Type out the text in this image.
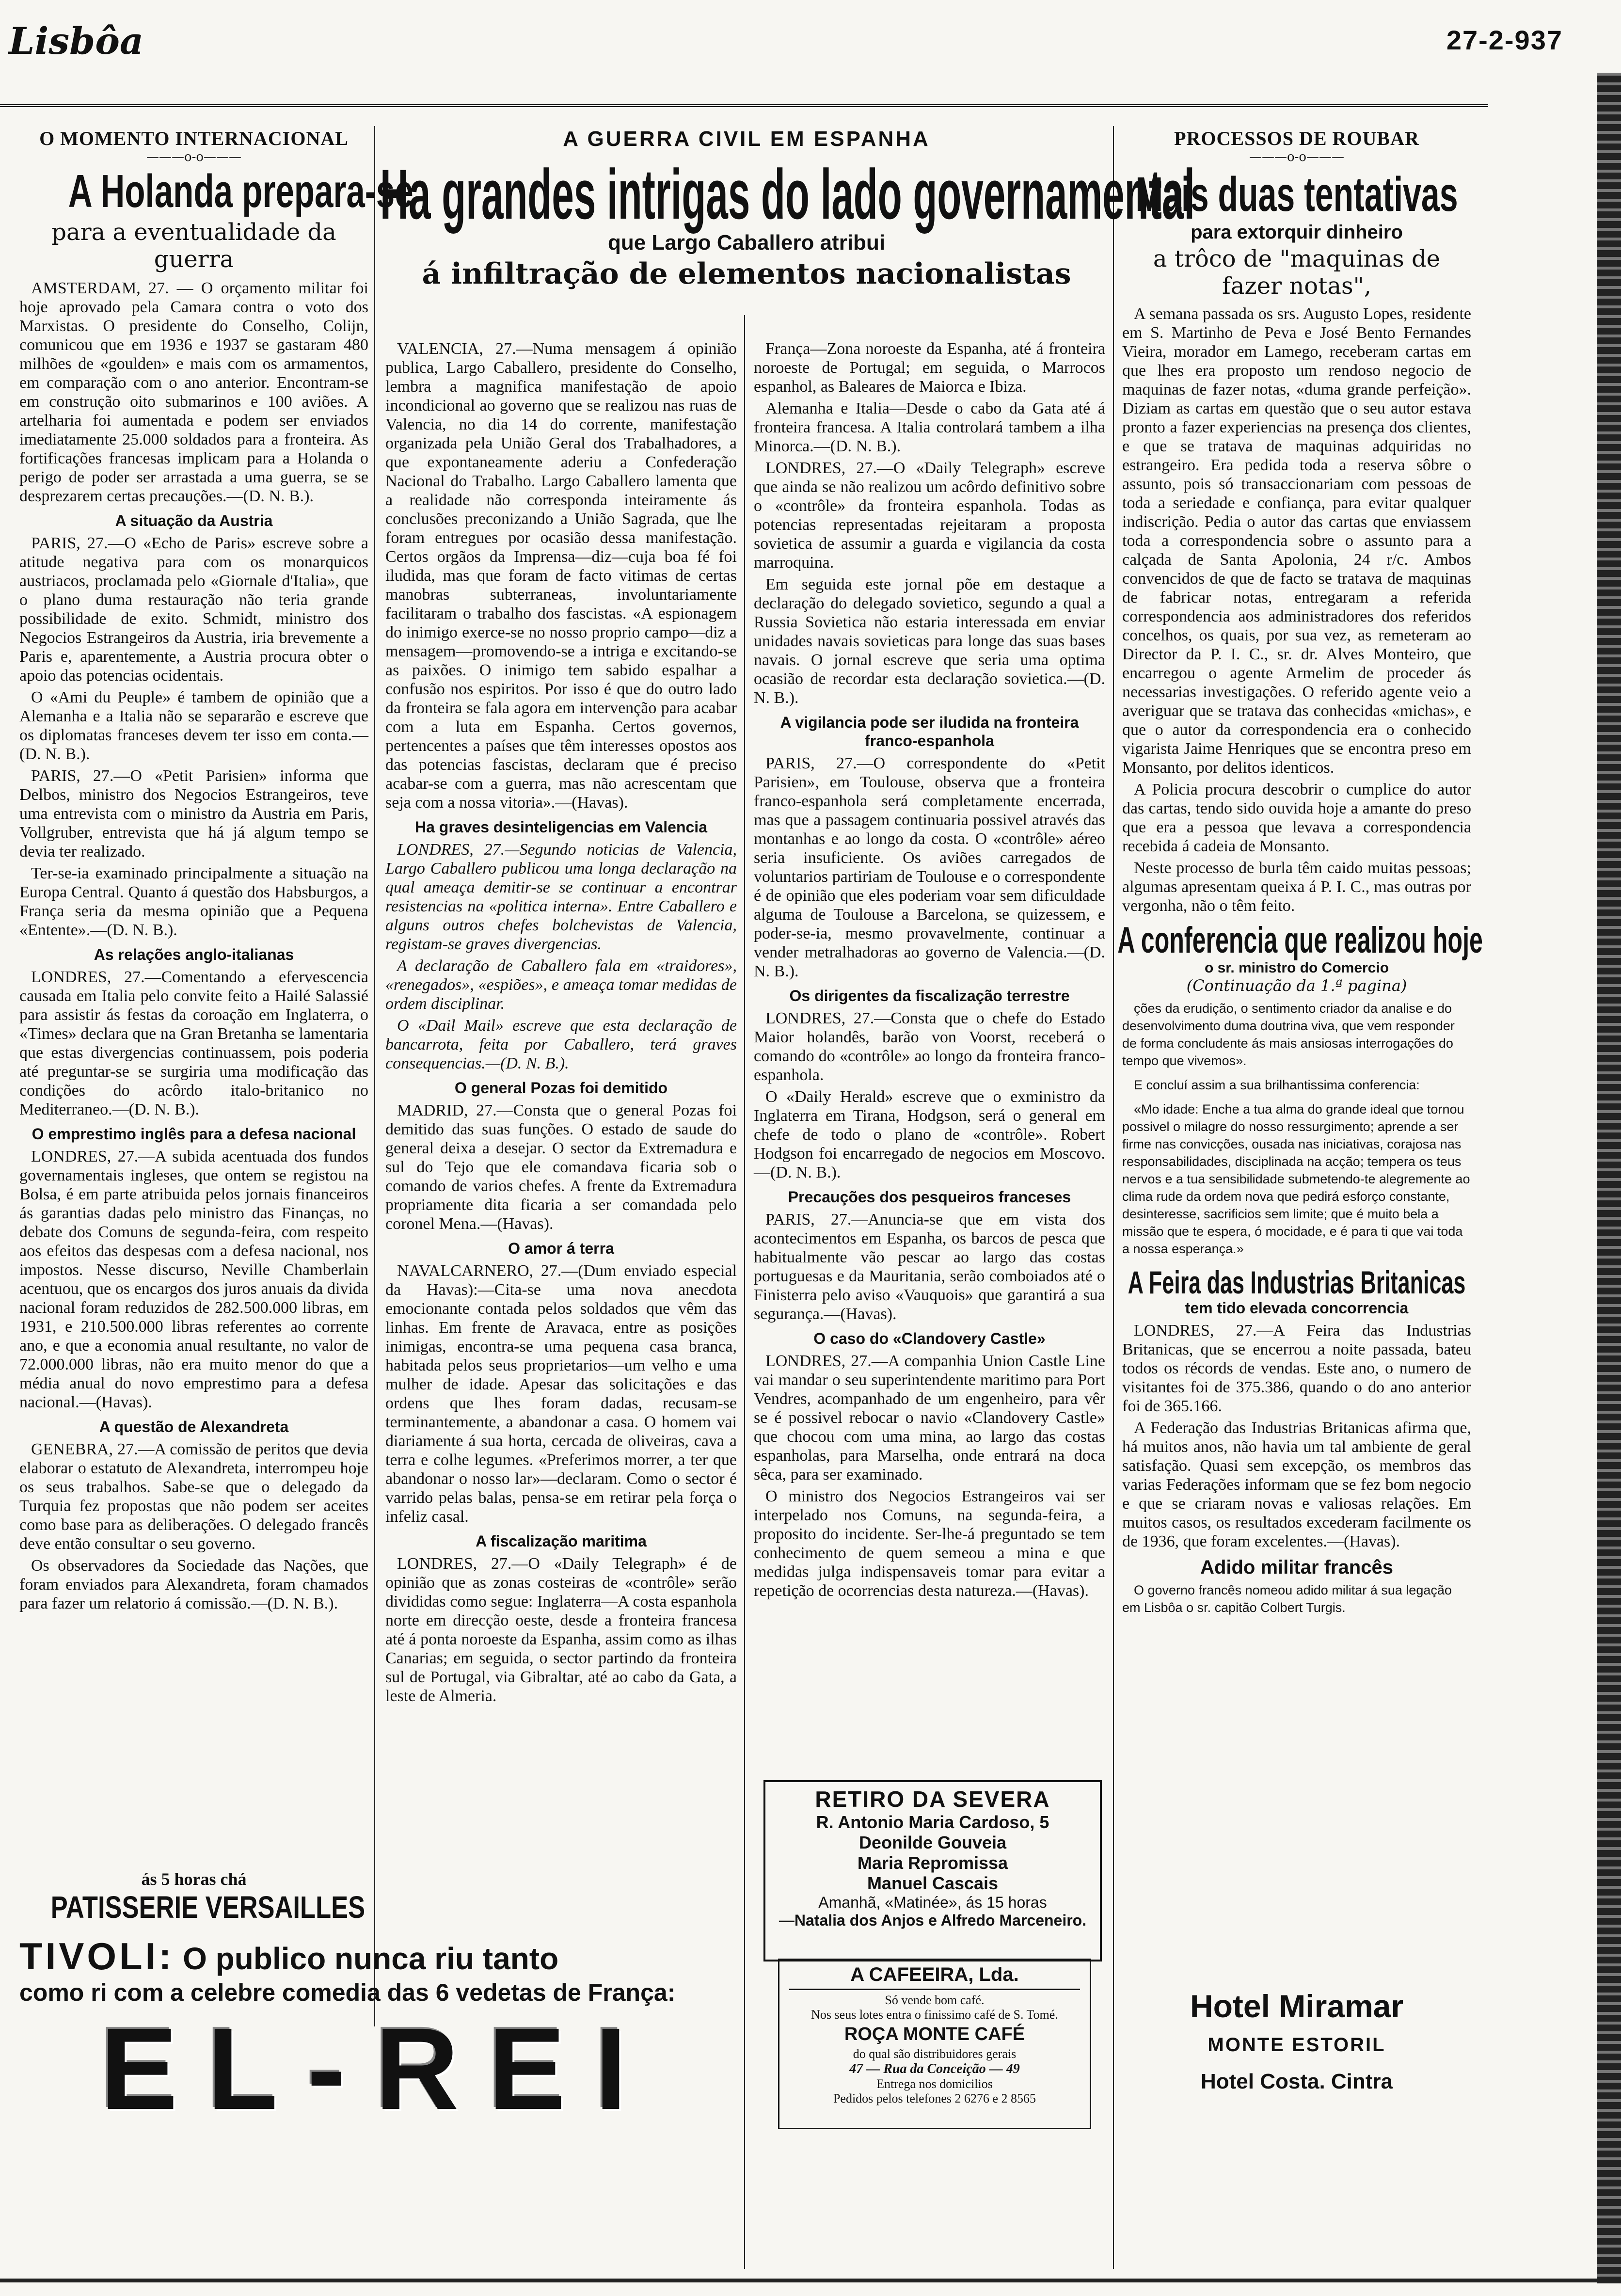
Lisbôa	27-2-937
O MOMENTO INTERNACIONAL
———o-o———
A Holanda prepara-se
para a eventualidade da guerra

AMSTERDAM, 27. — O orçamento militar foi hoje aprovado pela Camara contra o voto dos Marxistas. O presidente do Conselho, Colijn, comunicou que em 1936 e 1937 se gastaram 480 milhões de «goulden» e mais com os armamentos, em comparação com o ano anterior. Encontram-se em construção oito submarinos e 100 aviões. A artelharia foi aumentada e podem ser enviados imediatamente 25.000 soldados para a fronteira. As fortificações francesas implicam para a Holanda o perigo de poder ser arrastada a uma guerra, se se desprezarem certas precauções.—(D. N. B.).

A situação da Austria

PARIS, 27.—O «Echo de Paris» escreve sobre a atitude negativa para com os monarquicos austriacos, proclamada pelo «Giornale d'Italia», que o plano duma restauração não teria grande possibilidade de exito. Schmidt, ministro dos Negocios Estrangeiros da Austria, iria brevemente a Paris e, aparentemente, a Austria procura obter o apoio das potencias ocidentais.

O «Ami du Peuple» é tambem de opinião que a Alemanha e a Italia não se separarão e escreve que os diplomatas franceses devem ter isso em conta.—(D. N. B.).

PARIS, 27.—O «Petit Parisien» informa que Delbos, ministro dos Negocios Estrangeiros, teve uma entrevista com o ministro da Austria em Paris, Vollgruber, entrevista que há já algum tempo se devia ter realizado.

Ter-se-ia examinado principalmente a situação na Europa Central. Quanto á questão dos Habsburgos, a França seria da mesma opinião que a Pequena «Entente».—(D. N. B.).

As relações anglo-italianas

LONDRES, 27.—Comentando a efervescencia causada em Italia pelo convite feito a Hailé Salassié para assistir ás festas da coroação em Inglaterra, o «Times» declara que na Gran Bretanha se lamentaria que estas divergencias continuassem, pois poderia até preguntar-se se surgiria uma modificação das condições do acôrdo italo-britanico no Mediterraneo.—(D. N. B.).

O emprestimo inglês para a defesa nacional

LONDRES, 27.—A subida acentuada dos fundos governamentais ingleses, que ontem se registou na Bolsa, é em parte atribuida pelos jornais financeiros ás garantias dadas pelo ministro das Finanças, no debate dos Comuns de segunda-feira, com respeito aos efeitos das despesas com a defesa nacional, nos impostos. Nesse discurso, Neville Chamberlain acentuou, que os encargos dos juros anuais da divida nacional foram reduzidos de 282.500.000 libras, em 1931, e 210.500.000 libras referentes ao corrente ano, e que a economia anual resultante, no valor de 72.000.000 libras, não era muito menor do que a média anual do novo emprestimo para a defesa nacional.—(Havas).

A questão de Alexandreta

GENEBRA, 27.—A comissão de peritos que devia elaborar o estatuto de Alexandreta, interrompeu hoje os seus trabalhos. Sabe-se que o delegado da Turquia fez propostas que não podem ser aceites como base para as deliberações. O delegado francês deve então consultar o seu governo.

Os observadores da Sociedade das Nações, que foram enviados para Alexandreta, foram chamados para fazer um relatorio á comissão.—(D. N. B.).

ás 5 horas chá
PATISSERIE VERSAILLES
TIVOLI: O publico nunca riu tanto
como ri com a celebre comedia das 6 vedetas de França:
EL-REI
A GUERRA CIVIL EM ESPANHA
Ha grandes intrigas do lado governamental
que Largo Caballero atribui
á infiltração de elementos nacionalistas

VALENCIA, 27.—Numa mensagem á opinião publica, Largo Caballero, presidente do Conselho, lembra a magnifica manifestação de apoio incondicional ao governo que se realizou nas ruas de Valencia, no dia 14 do corrente, manifestação organizada pela União Geral dos Trabalhadores, a que expontaneamente aderiu a Confederação Nacional do Trabalho. Largo Caballero lamenta que a realidade não corresponda inteiramente ás conclusões preconizando a União Sagrada, que lhe foram entregues por ocasião dessa manifestação. Certos orgãos da Imprensa—diz—cuja boa fé foi iludida, mas que foram de facto vitimas de certas manobras subterraneas, involuntariamente facilitaram o trabalho dos fascistas. «A espionagem do inimigo exerce-se no nosso proprio campo—diz a mensagem—promovendo-se a intriga e excitando-se as paixões. O inimigo tem sabido espalhar a confusão nos espiritos. Por isso é que do outro lado da fronteira se fala agora em intervenção para acabar com a luta em Espanha. Certos governos, pertencentes a países que têm interesses opostos aos das potencias fascistas, declaram que é preciso acabar-se com a guerra, mas não acrescentam que seja com a nossa vitoria».—(Havas).

Ha graves desinteligencias em Valencia

LONDRES, 27.—Segundo noticias de Valencia, Largo Caballero publicou uma longa declaração na qual ameaça demitir-se se continuar a encontrar resistencias na «politica interna». Entre Caballero e alguns outros chefes bolchevistas de Valencia, registam-se graves divergencias.

A declaração de Caballero fala em «traidores», «renegados», «espiões», e ameaça tomar medidas de ordem disciplinar.

O «Dail Mail» escreve que esta declaração de bancarrota, feita por Caballero, terá graves consequencias.—(D. N. B.).

O general Pozas foi demitido

MADRID, 27.—Consta que o general Pozas foi demitido das suas funções. O estado de saude do general deixa a desejar. O sector da Extremadura e sul do Tejo que ele comandava ficaria sob o comando de varios chefes. A frente da Extremadura propriamente dita ficaria a ser comandada pelo coronel Mena.—(Havas).

O amor á terra

NAVALCARNERO, 27.—(Dum enviado especial da Havas):—Cita-se uma nova anecdota emocionante contada pelos soldados que vêm das linhas. Em frente de Aravaca, entre as posições inimigas, encontra-se uma pequena casa branca, habitada pelos seus proprietarios—um velho e uma mulher de idade. Apesar das solicitações e das ordens que lhes foram dadas, recusam-se terminantemente, a abandonar a casa. O homem vai diariamente á sua horta, cercada de oliveiras, cava a terra e colhe legumes. «Preferimos morrer, a ter que abandonar o nosso lar»—declaram. Como o sector é varrido pelas balas, pensa-se em retirar pela força o infeliz casal.

A fiscalização maritima

LONDRES, 27.—O «Daily Telegraph» é de opinião que as zonas costeiras de «contrôle» serão divididas como segue: Inglaterra—A costa espanhola norte em direcção oeste, desde a fronteira francesa até á ponta noroeste da Espanha, assim como as ilhas Canarias; em seguida, o sector partindo da fronteira sul de Portugal, via Gibraltar, até ao cabo da Gata, a leste de Almeria.

França—Zona noroeste da Espanha, até á fronteira noroeste de Portugal; em seguida, o Marrocos espanhol, as Baleares de Maiorca e Ibiza.

Alemanha e Italia—Desde o cabo da Gata até á fronteira francesa. A Italia controlará tambem a ilha Minorca.—(D. N. B.).

LONDRES, 27.—O «Daily Telegraph» escreve que ainda se não realizou um acôrdo definitivo sobre o «contrôle» da fronteira espanhola. Todas as potencias representadas rejeitaram a proposta sovietica de assumir a guarda e vigilancia da costa marroquina.

Em seguida este jornal põe em destaque a declaração do delegado sovietico, segundo a qual a Russia Sovietica não estaria interessada em enviar unidades navais sovieticas para longe das suas bases navais. O jornal escreve que seria uma optima ocasião de recordar esta declaração sovietica.—(D. N. B.).

A vigilancia pode ser iludida na fronteira franco-espanhola

PARIS, 27.—O correspondente do «Petit Parisien», em Toulouse, observa que a fronteira franco-espanhola será completamente encerrada, mas que a passagem continuaria possivel através das montanhas e ao longo da costa. O «contrôle» aéreo seria insuficiente. Os aviões carregados de voluntarios partiriam de Toulouse e o correspondente é de opinião que eles poderiam voar sem dificuldade alguma de Toulouse a Barcelona, se quizessem, e poder-se-ia, mesmo provavelmente, continuar a vender metralhadoras ao governo de Valencia.—(D. N. B.).

Os dirigentes da fiscalização terrestre

LONDRES, 27.—Consta que o chefe do Estado Maior holandês, barão von Voorst, receberá o comando do «contrôle» ao longo da fronteira franco-espanhola.

O «Daily Herald» escreve que o exministro da Inglaterra em Tirana, Hodgson, será o general em chefe de todo o plano de «contrôle». Robert Hodgson foi encarregado de negocios em Moscovo.—(D. N. B.).

Precauções dos pesqueiros franceses

PARIS, 27.—Anuncia-se que em vista dos acontecimentos em Espanha, os barcos de pesca que habitualmente vão pescar ao largo das costas portuguesas e da Mauritania, serão comboiados até o Finisterra pelo aviso «Vauquois» que garantirá a sua segurança.—(Havas).

O caso do «Clandovery Castle»

LONDRES, 27.—A companhia Union Castle Line vai mandar o seu superintendente maritimo para Port Vendres, acompanhado de um engenheiro, para vêr se é possivel rebocar o navio «Clandovery Castle» que chocou com uma mina, ao largo das costas espanholas, para Marselha, onde entrará na doca sêca, para ser examinado.

O ministro dos Negocios Estrangeiros vai ser interpelado nos Comuns, na segunda-feira, a proposito do incidente. Ser-lhe-á preguntado se tem conhecimento de quem semeou a mina e que medidas julga indispensaveis tomar para evitar a repetição de ocorrencias desta natureza.—(Havas).

RETIRO DA SEVERA
R. Antonio Maria Cardoso, 5
Deonilde Gouveia
Maria Repromissa
Manuel Cascais
Amanhã, «Matinée», ás 15 horas
—Natalia dos Anjos e Alfredo Marceneiro.
A CAFEEIRA, Lda.
Só vende bom café.
Nos seus lotes entra o finissimo café de S. Tomé.
ROÇA MONTE CAFÉ
do qual são distribuidores gerais
47 — Rua da Conceição — 49
Entrega nos domicilios
Pedidos pelos telefones 2 6276 e 2 8565
PROCESSOS DE ROUBAR
———o-o———
Mais duas tentativas
para extorquir dinheiro
a trôco de "maquinas de fazer notas",

A semana passada os srs. Augusto Lopes, residente em S. Martinho de Peva e José Bento Fernandes Vieira, morador em Lamego, receberam cartas em que lhes era proposto um rendoso negocio de maquinas de fazer notas, «duma grande perfeição». Diziam as cartas em questão que o seu autor estava pronto a fazer experiencias na presença dos clientes, e que se tratava de maquinas adquiridas no estrangeiro. Era pedida toda a reserva sôbre o assunto, pois só transaccionariam com pessoas de toda a seriedade e confiança, para evitar qualquer indiscrição. Pedia o autor das cartas que enviassem toda a correspondencia sobre o assunto para a calçada de Santa Apolonia, 24 r/c. Ambos convencidos de que de facto se tratava de maquinas de fabricar notas, entregaram a referida correspondencia aos administradores dos referidos concelhos, os quais, por sua vez, as remeteram ao Director da P. I. C., sr. dr. Alves Monteiro, que encarregou o agente Armelim de proceder ás necessarias investigações. O referido agente veio a averiguar que se tratava das conhecidas «michas», e que o autor da correspondencia era o conhecido vigarista Jaime Henriques que se encontra preso em Monsanto, por delitos identicos.

A Policia procura descobrir o cumplice do autor das cartas, tendo sido ouvida hoje a amante do preso que era a pessoa que levava a correspondencia recebida á cadeia de Monsanto.

Neste processo de burla têm caido muitas pessoas; algumas apresentam queixa á P. I. C., mas outras por vergonha, não o têm feito.

A conferencia que realizou hoje
o sr. ministro do Comercio
(Continuação da 1.ª pagina)

ções da erudição, o sentimento criador da analise e do desenvolvimento duma doutrina viva, que vem responder de forma concludente ás mais ansiosas interrogações do tempo que vivemos».

E concluí assim a sua brilhantissima conferencia:

«Mo idade: Enche a tua alma do grande ideal que tornou possivel o milagre do nosso ressurgimento; aprende a ser firme nas convicções, ousada nas iniciativas, corajosa nas responsabilidades, disciplinada na acção; tempera os teus nervos e a tua sensibilidade submetendo-te alegremente ao clima rude da ordem nova que pedirá esforço constante, desinteresse, sacrificios sem limite; que é muito bela a missão que te espera, ó mocidade, e é para ti que vai toda a nossa esperança.»

A Feira das Industrias Britanicas
tem tido elevada concorrencia

LONDRES, 27.—A Feira das Industrias Britanicas, que se encerrou a noite passada, bateu todos os récords de vendas. Este ano, o numero de visitantes foi de 375.386, quando o do ano anterior foi de 365.166.

A Federação das Industrias Britanicas afirma que, há muitos anos, não havia um tal ambiente de geral satisfação. Quasi sem excepção, os membros das varias Federações informam que se fez bom negocio e que se criaram novas e valiosas relações. Em muitos casos, os resultados excederam facilmente os de 1936, que foram excelentes.—(Havas).

Adido militar francês

O governo francês nomeou adido militar á sua legação em Lisbôa o sr. capitão Colbert Turgis.

Hotel Miramar
MONTE ESTORIL
Hotel Costa. Cintra
